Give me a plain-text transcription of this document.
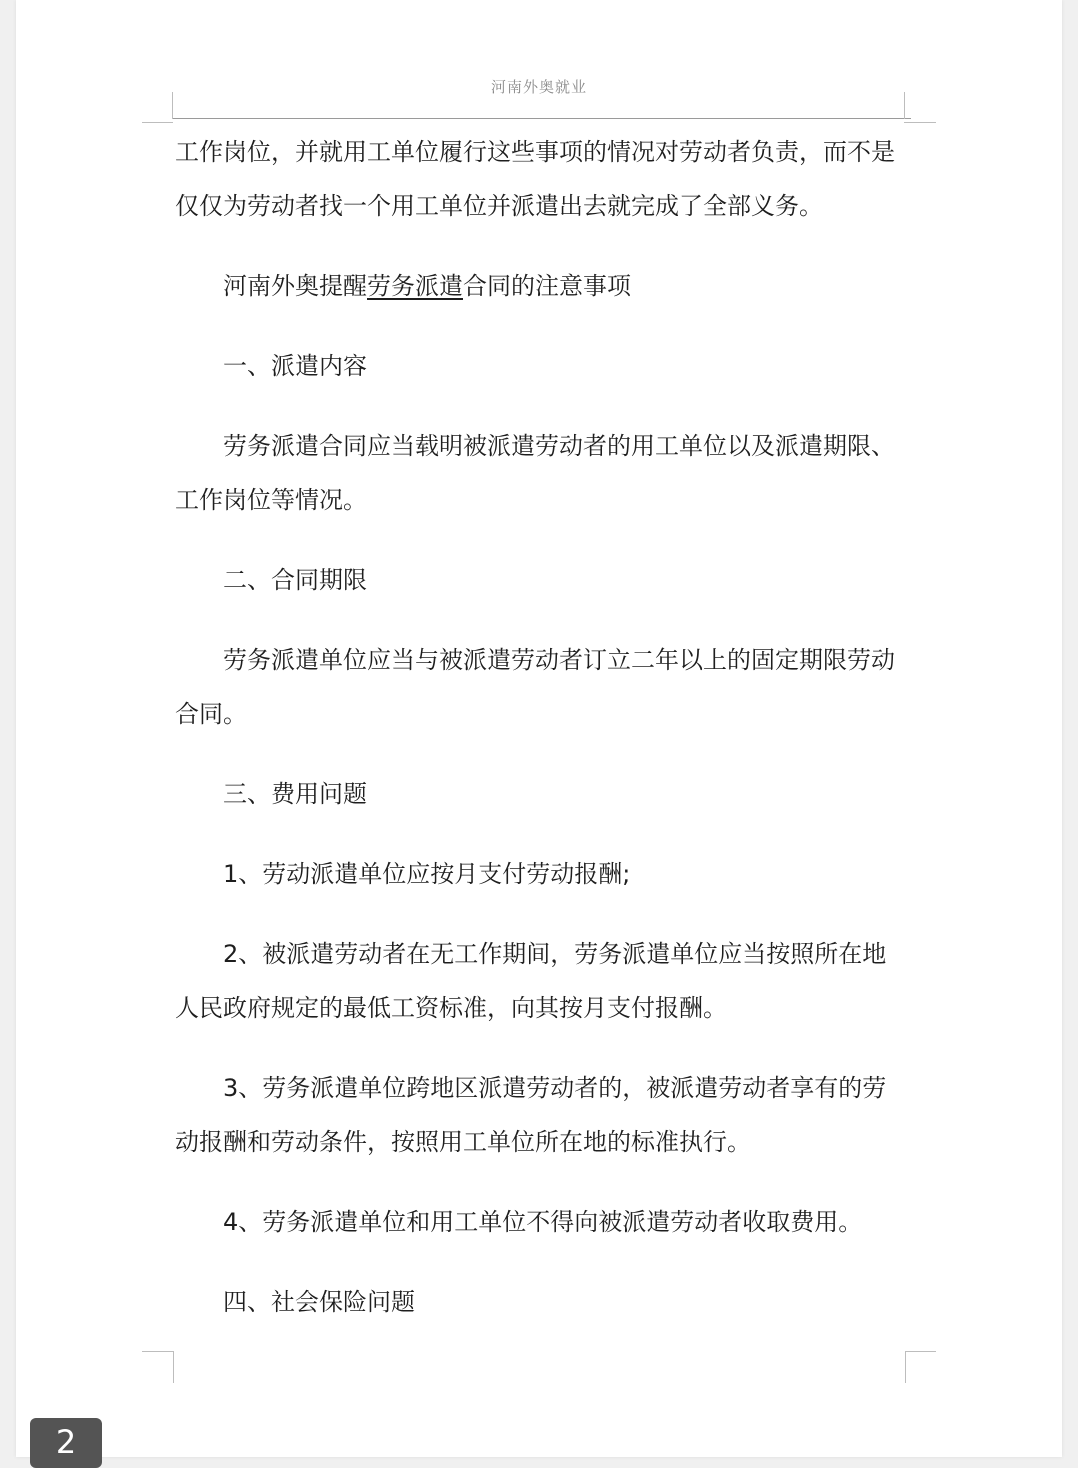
河南外奥就业

工作岗位，并就用工单位履行这些事项的情况对劳动者负责，而不是仅仅为劳动者找一个用工单位并派遣出去就完成了全部义务。

河南外奥提醒劳务派遣合同的注意事项

一、派遣内容

劳务派遣合同应当载明被派遣劳动者的用工单位以及派遣期限、工作岗位等情况。

二、合同期限

劳务派遣单位应当与被派遣劳动者订立二年以上的固定期限劳动合同。

三、费用问题

1、劳动派遣单位应按月支付劳动报酬;

2、被派遣劳动者在无工作期间，劳务派遣单位应当按照所在地人民政府规定的最低工资标准，向其按月支付报酬。

3、劳务派遣单位跨地区派遣劳动者的，被派遣劳动者享有的劳动报酬和劳动条件，按照用工单位所在地的标准执行。

4、劳务派遣单位和用工单位不得向被派遣劳动者收取费用。

四、社会保险问题

2
